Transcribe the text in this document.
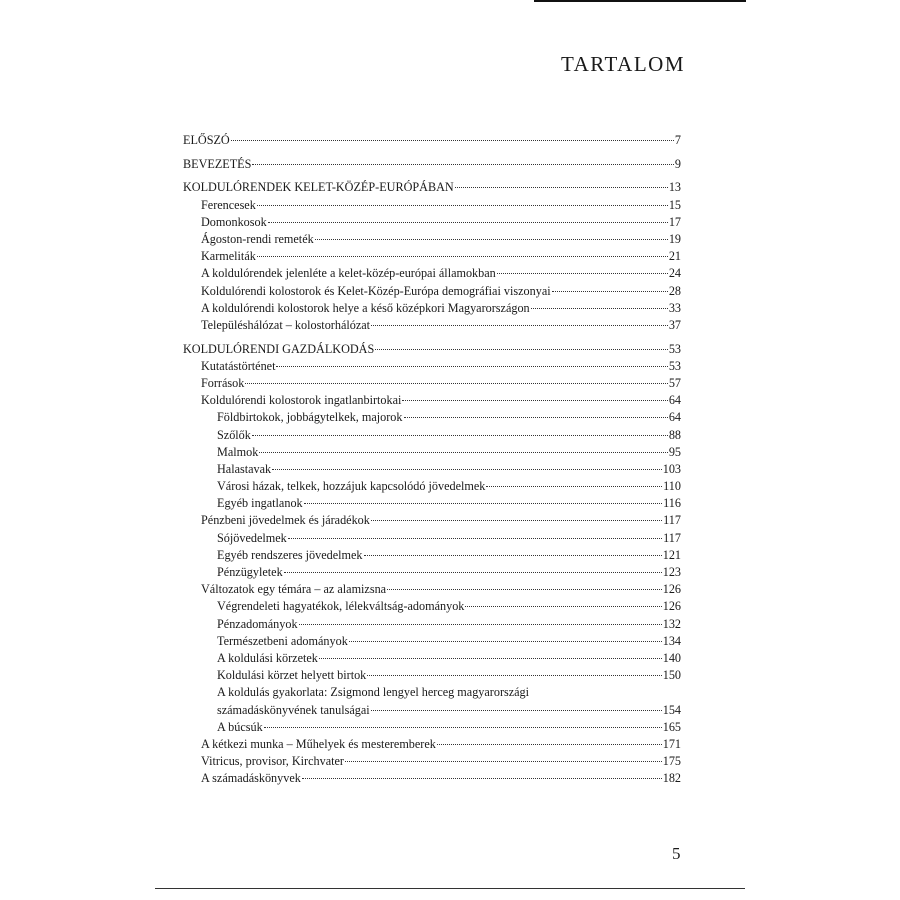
TARTALOM
ELŐSZÓ	7
BEVEZETÉS	9
KOLDULÓRENDEK KELET-KÖZÉP-EURÓPÁBAN	13
Ferencesek	15
Domonkosok	17
Ágoston-rendi remeték	19
Karmeliták	21
A koldulórendek jelenléte a kelet-közép-európai államokban	24
Koldulórendi kolostorok és Kelet-Közép-Európa demográfiai viszonyai	28
A koldulórendi kolostorok helye a késő középkori Magyarországon	33
Településhálózat – kolostorhálózat	37
KOLDULÓRENDI GAZDÁLKODÁS	53
Kutatástörténet	53
Források	57
Koldulórendi kolostorok ingatlanbirtokai	64
Földbirtokok, jobbágytelkek, majorok	64
Szőlők	88
Malmok	95
Halastavak	103
Városi házak, telkek, hozzájuk kapcsolódó jövedelmek	110
Egyéb ingatlanok	116
Pénzbeni jövedelmek és járadékok	117
Sójövedelmek	117
Egyéb rendszeres jövedelmek	121
Pénzügyletek	123
Változatok egy témára – az alamizsna	126
Végrendeleti hagyatékok, lélekváltság-adományok	126
Pénzadományok	132
Természetbeni adományok	134
A koldulási körzetek	140
Koldulási körzet helyett birtok	150
A koldulás gyakorlata: Zsigmond lengyel herceg magyarországi
számadáskönyvének tanulságai	154
A búcsúk	165
A kétkezi munka – Műhelyek és mesteremberek	171
Vitricus, provisor, Kirchvater	175
A számadáskönyvek	182
5
